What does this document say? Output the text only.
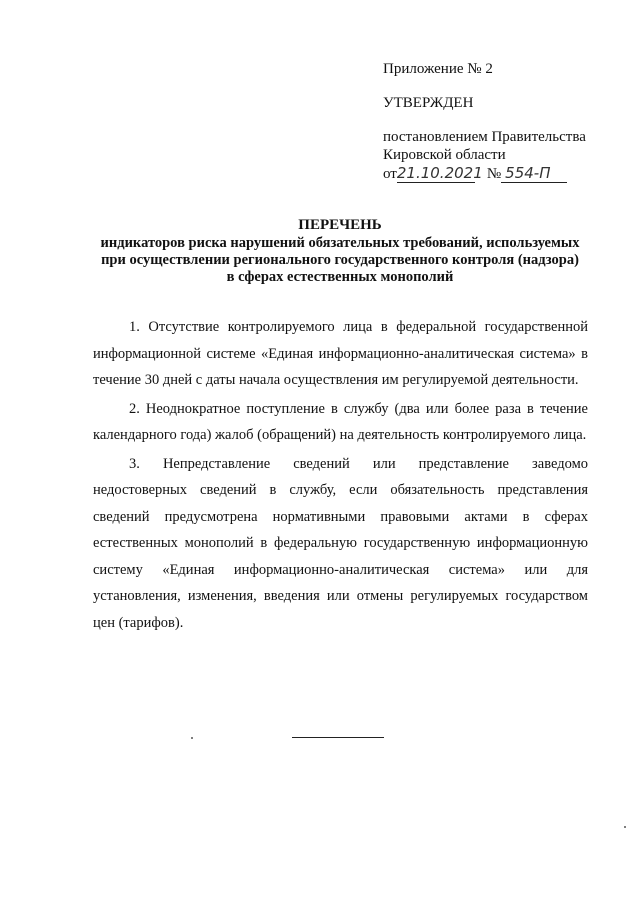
Приложение № 2
УТВЕРЖДЕН
постановлением Правительства
Кировской области
от21.10.2021 № 554-П
ПЕРЕЧЕНЬ
индикаторов риска нарушений обязательных требований, используемых
при осуществлении регионального государственного контроля (надзора)
в сферах естественных монополий

1. Отсутствие контролируемого лица в федеральной государственной информационной системе «Единая информационно-аналитическая система» в течение 30 дней с даты начала осуществления им регулируемой деятельности.

2. Неоднократное поступление в службу (два или более раза в течение календарного года) жалоб (обращений) на деятельность контролируемого лица.

3. Непредставление сведений или представление заведомо недостоверных сведений в службу, если обязательность представления сведений предусмотрена нормативными правовыми актами в сферах естественных монополий в федеральную государственную информационную систему «Единая информационно-аналитическая система» или для установления, изменения, введения или отмены регулируемых государством цен (тарифов).
